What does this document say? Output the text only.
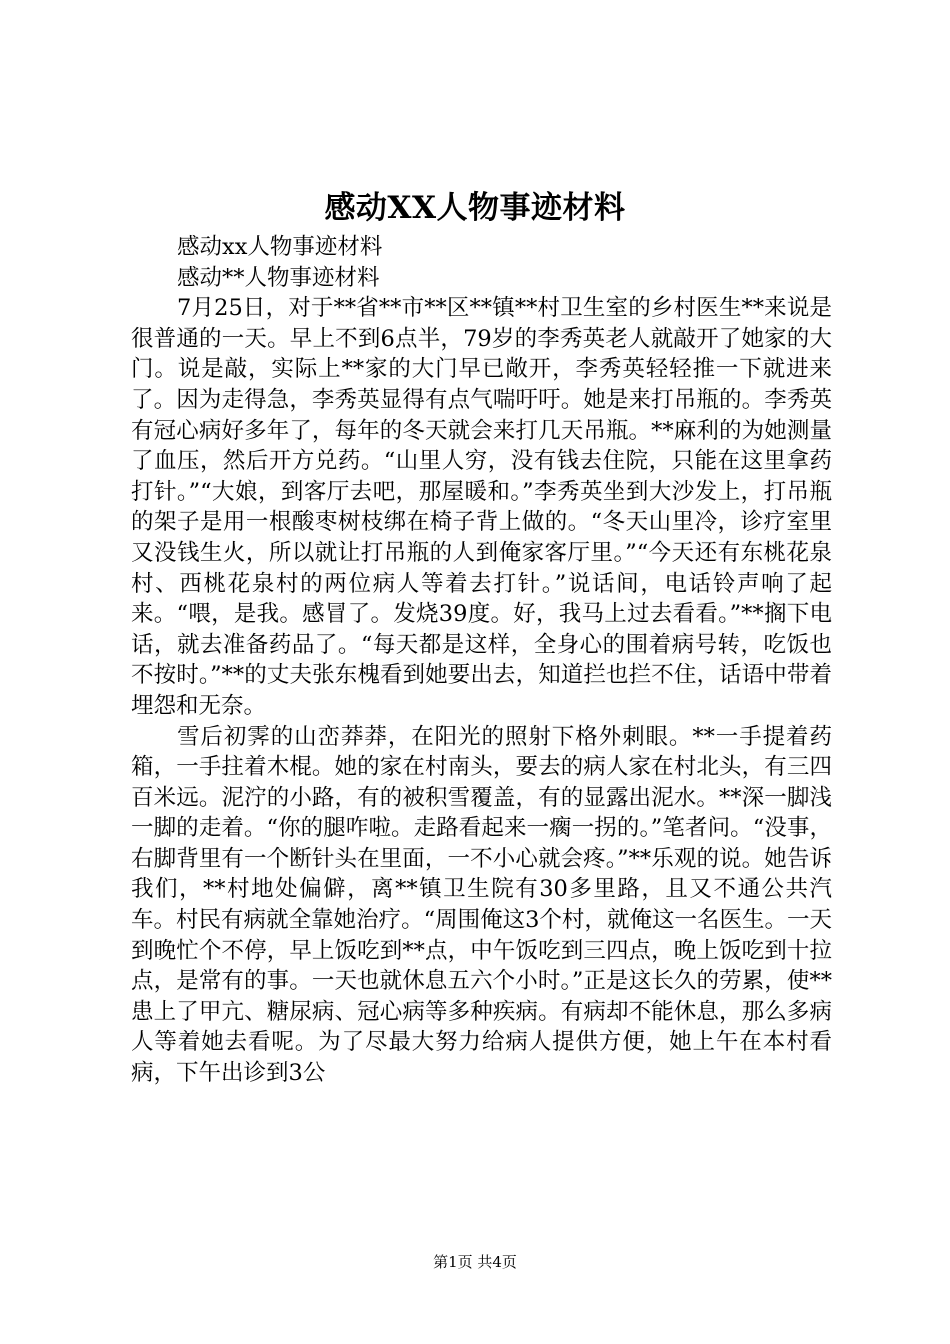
感动XX人物事迹材料

感动xx人物事迹材料

感动**人物事迹材料

7月25日，对于**省**市**区**镇**村卫生室的乡村医生**来说是很普通的一天。早上不到6点半，79岁的李秀英老人就敲开了她家的大门。说是敲，实际上**家的大门早已敞开，李秀英轻轻推一下就进来了。因为走得急，李秀英显得有点气喘吁吁。她是来打吊瓶的。李秀英有冠心病好多年了，每年的冬天就会来打几天吊瓶。**麻利的为她测量了血压，然后开方兑药。“山里人穷，没有钱去住院，只能在这里拿药打针。”“大娘，到客厅去吧，那屋暖和。”李秀英坐到大沙发上，打吊瓶的架子是用一根酸枣树枝绑在椅子背上做的。“冬天山里冷，诊疗室里又没钱生火，所以就让打吊瓶的人到俺家客厅里。”“今天还有东桃花泉村、西桃花泉村的两位病人等着去打针。”说话间，电话铃声响了起来。“喂，是我。感冒了。发烧39度。好，我马上过去看看。”**搁下电话，就去准备药品了。“每天都是这样，全身心的围着病号转，吃饭也不按时。”**的丈夫张东槐看到她要出去，知道拦也拦不住，话语中带着埋怨和无奈。

雪后初霁的山峦莽莽，在阳光的照射下格外刺眼。**一手提着药箱，一手拄着木棍。她的家在村南头，要去的病人家在村北头，有三四百米远。泥泞的小路，有的被积雪覆盖，有的显露出泥水。**深一脚浅一脚的走着。“你的腿咋啦。走路看起来一瘸一拐的。”笔者问。“没事，右脚背里有一个断针头在里面，一不小心就会疼。”**乐观的说。她告诉我们，**村地处偏僻，离**镇卫生院有30多里路，且又不通公共汽车。村民有病就全靠她治疗。“周围俺这3个村，就俺这一名医生。一天到晚忙个不停，早上饭吃到**点，中午饭吃到三四点，晚上饭吃到十拉点，是常有的事。一天也就休息五六个小时。”正是这长久的劳累，使**患上了甲亢、糖尿病、冠心病等多种疾病。有病却不能休息，那么多病人等着她去看呢。为了尽最大努力给病人提供方便，她上午在本村看病，下午出诊到3公

第1页 共4页
